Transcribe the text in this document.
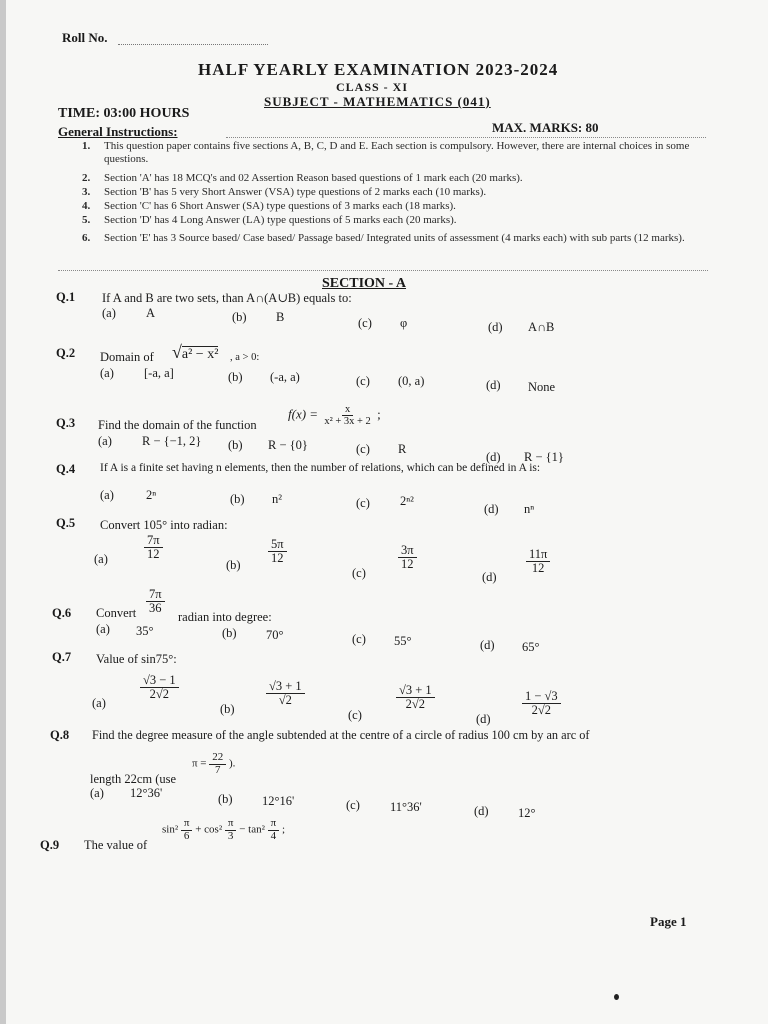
Roll No.
HALF YEARLY EXAMINATION 2023-2024
CLASS - XI
SUBJECT - MATHEMATICS (041)
TIME: 03:00 HOURS
MAX. MARKS: 80
General Instructions:
1. This question paper contains five sections A, B, C, D and E. Each section is compulsory. However, there are internal choices in some questions.
2. Section 'A' has 18 MCQ's and 02 Assertion Reason based questions of 1 mark each (20 marks).
3. Section 'B' has 5 very Short Answer (VSA) type questions of 2 marks each (10 marks).
4. Section 'C' has 6 Short Answer (SA) type questions of 3 marks each (18 marks).
5. Section 'D' has 4 Long Answer (LA) type questions of 5 marks each (20 marks).
6. Section 'E' has 3 Source based/ Case based/ Passage based/ Integrated units of assessment (4 marks each) with sub parts (12 marks).
SECTION - A
Q.1 If A and B are two sets, than A∩(A∪B) equals to:
(a) A	(b) B	(c) φ	(d) A∩B
Q.2 Domain of √a² − x² , a > 0:
(a) [-a, a]	(b) (-a, a)	(c) (0, a)	(d) None
Q.3 Find the domain of the function
$f(x) = \frac{x}{\text{x² + 3x + 2}}$ ;
(a) R − {−1, 2} (b) R − {0}	(c) R
(d) R − {1}
Q.4 If A is a finite set having n elements, then the number of relations, which can be defined in A is:
(a)	2ⁿ	(b) n²	(c) 2ⁿ²
(d) nⁿ
Q.5 Convert 105° into radian:
(a)	$\frac{7\pi}{12}$
$(b) \frac{5\pi}{12}$
(c)
$\frac{3\pi}{12}$
(d)
$\frac{11\pi}{12}$
Q.6 Convert $\frac{7\pi}{36}$
radian into degree:
(a) 35°	(b) 70°	(c) 55°	(d) 65°
Q.7 Value of sin75°:
(a)
$\frac{√3 - 1}{2√2}$
(b)
$\frac{√3 + 1}{√2}$
(c)
$\frac{√3 + 1}{2√2}$
(d)
$\frac{1 - √3}{2√2}$
Q.8 Find the degree measure of the angle subtended at the centre of a circle of radius 100 cm by an arc of
length 22cm (use
$\pi = \frac{22}{7}$ ).
(a) 12°36'	(b) 12°16'	(c) 11°36'	(d) 12°
Q.9 The value of
$\sin^2 \frac{\pi}{6} + \cos^2 \frac{\pi}{3} - \tan^2 \frac{\pi}{4}$ ;
Page 1
